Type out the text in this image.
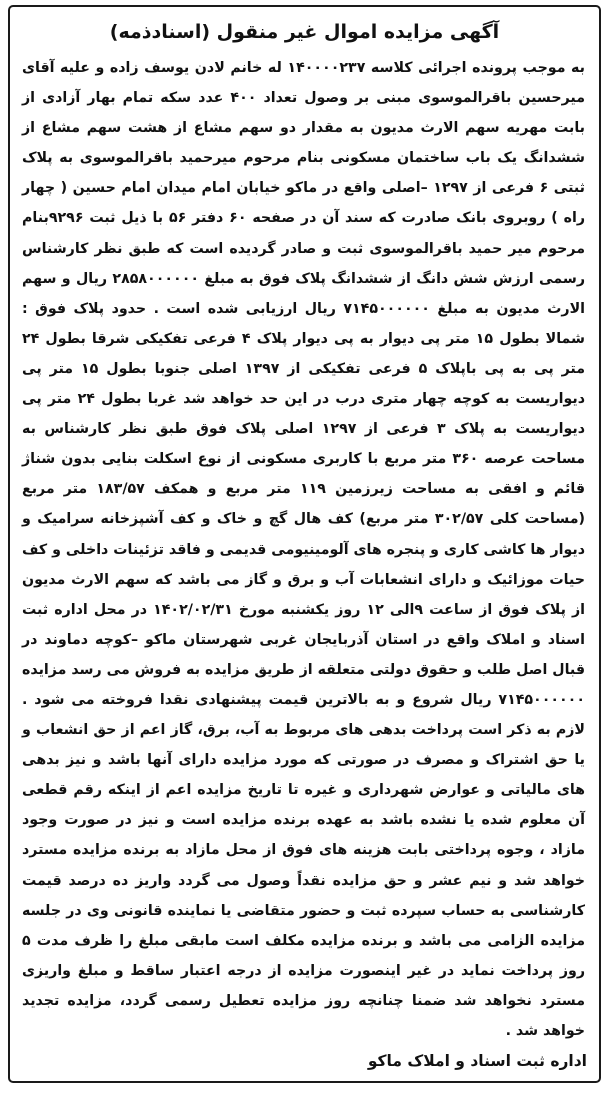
آگهی مزایده اموال غیر منقول (اسنادذمه)

به موجب پرونده اجرائی کلاسه ۱۴۰۰۰۰۲۳۷ له خانم لادن یوسف زاده و علیه آقای میرحسین باقرالموسوی مبنی بر وصول تعداد ۴۰۰ عدد سکه تمام بهار آزادی از بابت مهریه سهم الارث مدیون به مقدار دو سهم مشاع از هشت سهم مشاع از ششدانگ یک باب ساختمان مسکونی بنام مرحوم میرحمید باقرالموسوی به پلاک ثبتی ۶ فرعی از ۱۲۹۷ –اصلی واقع در ماکو خیابان امام میدان امام حسین ( چهار راه ) روبروی بانک صادرت که سند آن در صفحه ۶۰ دفتر ۵۶ با ذیل ثبت ۹۲۹۶بنام مرحوم میر حمید باقرالموسوی ثبت و صادر گردیده است که طبق نظر کارشناس رسمی ارزش شش دانگ از ششدانگ پلاک فوق به مبلغ ۲۸۵۸۰۰۰۰۰۰ ریال و سهم الارث مدیون به مبلغ ۷۱۴۵۰۰۰۰۰۰ ریال ارزیابی شده است . حدود پلاک فوق : شمالا بطول ۱۵ متر پی دیوار به پی دیوار پلاک ۴ فرعی تفکیکی شرقا بطول ۲۴ متر پی به پی باپلاک ۵ فرعی تفکیکی از ۱۳۹۷ اصلی جنوبا بطول ۱۵ متر پی دیواریست به کوچه چهار متری درب در این حد خواهد شد غربا بطول ۲۴ متر پی دیواریست به پلاک ۳ فرعی از ۱۲۹۷ اصلی پلاک فوق طبق نظر کارشناس به مساحت عرصه ۳۶۰ متر مربع با کاربری مسکونی از نوع اسکلت بنایی بدون شناژ قائم و افقی به مساحت زیرزمین ۱۱۹ متر مربع و همکف ۱۸۳/۵۷ متر مربع (مساحت کلی ۳۰۲/۵۷ متر مربع) کف هال گچ و خاک و کف آشپزخانه سرامیک و دیوار ها کاشی کاری و پنجره های آلومینیومی قدیمی و فاقد تزئینات داخلی و کف حیات موزائیک و دارای انشعابات آب و برق و گاز می باشد که سهم الارث مدیون از پلاک فوق از ساعت ۹الی ۱۲ روز یکشنبه مورخ ۱۴۰۲/۰۲/۳۱ در محل اداره ثبت اسناد و املاک واقع در استان آذربایجان غربی شهرستان ماکو –کوچه دماوند در قبال اصل طلب و حقوق دولتی متعلقه از طریق مزایده به فروش می رسد مزایده ۷۱۴۵۰۰۰۰۰۰ ریال شروع و به بالاترین قیمت پیشنهادی نقدا فروخته می شود . لازم به ذکر است پرداخت بدهی های مربوط به آب، برق، گاز اعم از حق انشعاب و یا حق اشتراک و مصرف در صورتی که مورد مزایده دارای آنها باشد و نیز بدهی های مالیاتی و عوارض شهرداری و غیره تا تاریخ مزایده اعم از اینکه رقم قطعی آن معلوم شده یا نشده باشد به عهده برنده مزایده است و نیز در صورت وجود مازاد ، وجوه پرداختی بابت هزینه های فوق از محل مازاد به برنده مزایده مسترد خواهد شد و نیم عشر و حق مزایده نقداً وصول می گردد واریز ده درصد قیمت کارشناسی به حساب سپرده ثبت و حضور متقاضی یا نماینده قانونی وی در جلسه مزایده الزامی می باشد و برنده مزایده مکلف است مابقی مبلغ را ظرف مدت ۵ روز پرداخت نماید در غیر اینصورت مزایده از درجه اعتبار ساقط و مبلغ واریزی مسترد نخواهد شد ضمنا چنانچه روز مزایده تعطیل رسمی گردد، مزایده تجدید خواهد شد .

اداره ثبت اسناد و املاک ماکو
